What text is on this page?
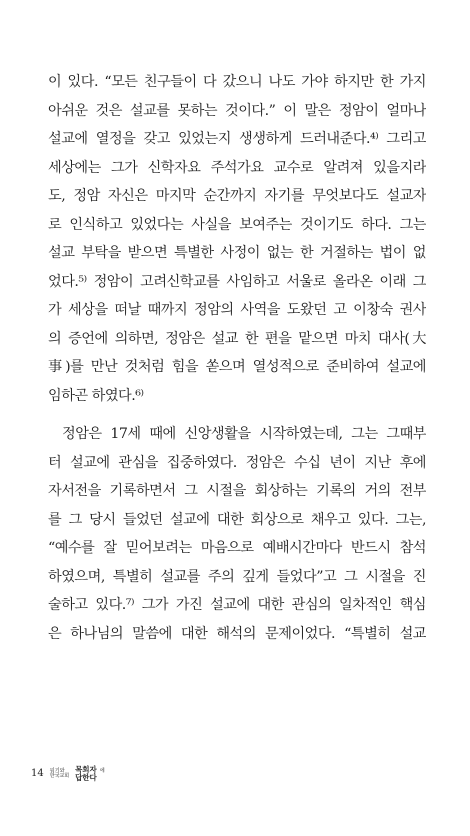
이 있다. “모든 친구들이 다 갔으니 나도 가야 하지만 한 가지
아쉬운 것은 설교를 못하는 것이다.” 이 말은 정암이 얼마나
설교에 열정을 갖고 있었는지 생생하게 드러내준다.⁴⁾ 그리고
세상에는 그가 신학자요 주석가요 교수로 알려져 있을지라
도, 정암 자신은 마지막 순간까지 자기를 무엇보다도 설교자
로 인식하고 있었다는 사실을 보여주는 것이기도 하다. 그는
설교 부탁을 받으면 특별한 사정이 없는 한 거절하는 법이 없
었다.⁵⁾ 정암이 고려신학교를 사임하고 서울로 올라온 이래 그
가 세상을 떠날 때까지 정암의 사역을 도왔던 고 이창숙 권사
의 증언에 의하면, 정암은 설교 한 편을 맡으면 마치 대사(大
事)를 만난 것처럼 힘을 쏟으며 열성적으로 준비하여 설교에
임하곤 하였다.⁶⁾
정암은 17세 때에 신앙생활을 시작하였는데, 그는 그때부
터 설교에 관심을 집중하였다. 정암은 수십 년이 지난 후에
자서전을 기록하면서 그 시절을 회상하는 기록의 거의 전부
를 그 당시 들었던 설교에 대한 회상으로 채우고 있다. 그는,
“예수를 잘 믿어보려는 마음으로 예배시간마다 반드시 참석
하였으며, 특별히 설교를 주의 깊게 들었다”고 그 시절을 진
술하고 있다.⁷⁾ 그가 가진 설교에 대한 관심의 일차적인 핵심
은 하나님의 말씀에 대한 해석의 문제이었다. “특별히 설교
14 워기와
한국교회
목회자 에
답한다
